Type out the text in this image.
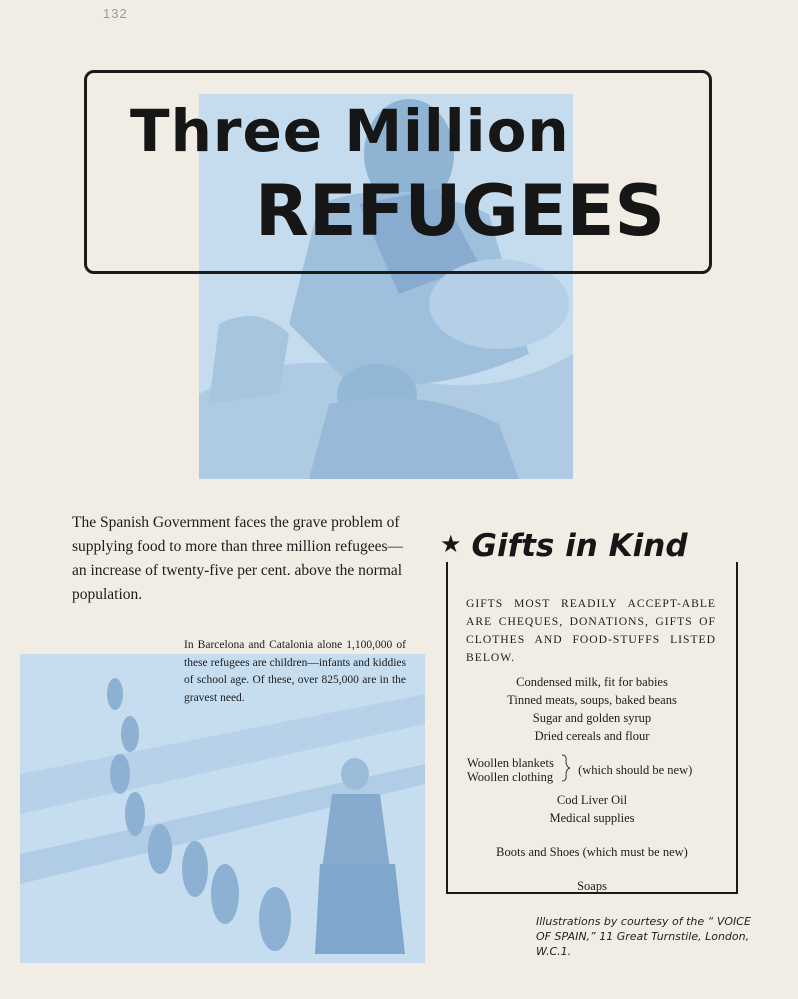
132
Three Million
REFUGEES
The Spanish Government faces the grave problem of supplying food to more than three million refugees—an increase of twenty-five per cent. above the normal population.
In Barcelona and Catalonia alone 1,100,000 of these refugees are children—infants and kiddies of school age. Of these, over 825,000 are in the gravest need.
★ Gifts in Kind
GIFTS MOST READILY ACCEPT-ABLE ARE CHEQUES, DONATIONS, GIFTS OF CLOTHES AND FOOD-STUFFS LISTED BELOW.
Condensed milk, fit for babies
Tinned meats, soups, baked beans
Sugar and golden syrup
Dried cereals and flour
Woollen blankets
Woollen clothing (which should be new)
Cod Liver Oil
Medical supplies
Boots and Shoes (which must be new)
Soaps
Illustrations by courtesy of the “ VOICE OF SPAIN,” 11 Great Turnstile, London, W.C.1.
